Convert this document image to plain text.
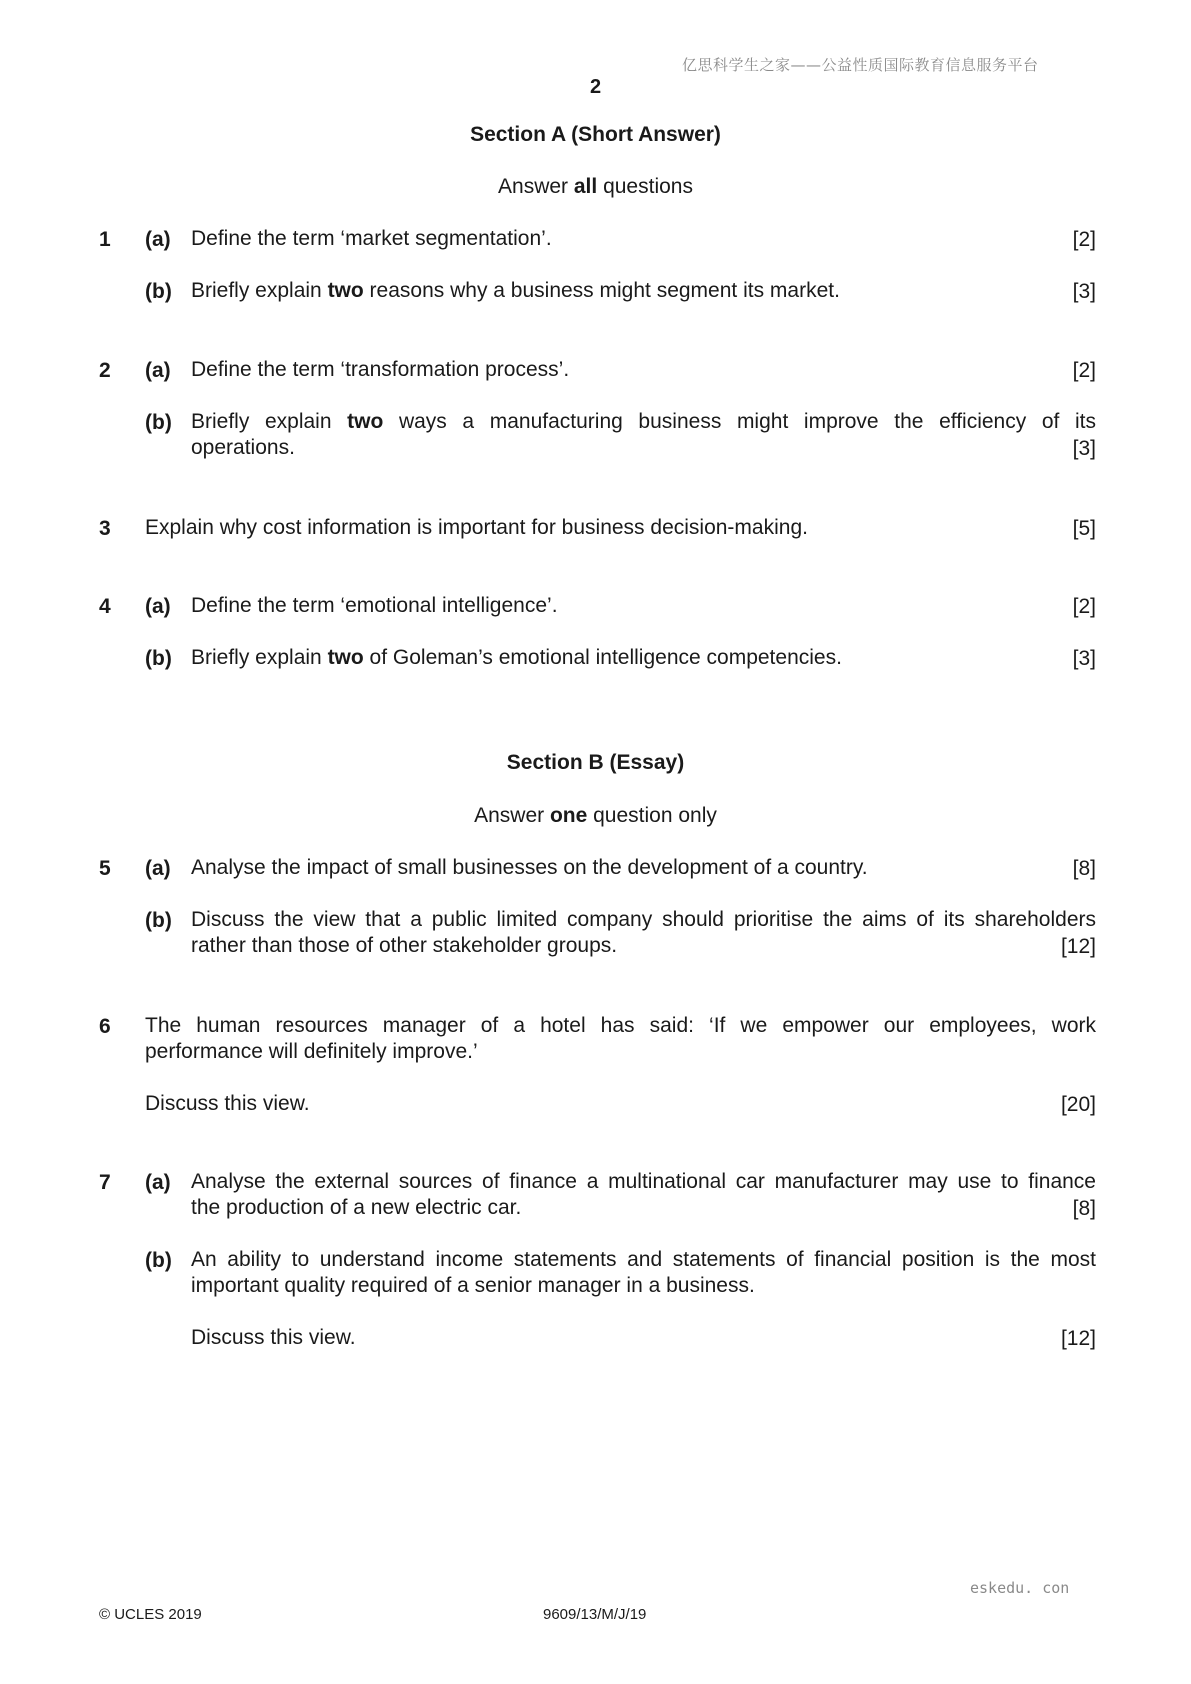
亿思科学生之家——公益性质国际教育信息服务平台
2
Section A (Short Answer)
Answer all questions
1 (a) Define the term ‘market segmentation’.	[2]
(b) Briefly explain two reasons why a business might segment its market.	[3]
2 (a) Define the term ‘transformation process’.	[2]
(b) Briefly explain two ways a manufacturing business might improve the efficiency of its
operations.	[3]
3 Explain why cost information is important for business decision-making.	[5]
4 (a) Define the term ‘emotional intelligence’.	[2]
(b) Briefly explain two of Goleman’s emotional intelligence competencies.	[3]
Section B (Essay)
Answer one question only
5 (a) Analyse the impact of small businesses on the development of a country.	[8]
(b) Discuss the view that a public limited company should prioritise the aims of its shareholders
rather than those of other stakeholder groups.	[12]
6 The human resources manager of a hotel has said: ‘If we empower our employees, work
performance will definitely improve.’
Discuss this view.	[20]
7 (a) Analyse the external sources of finance a multinational car manufacturer may use to finance
the production of a new electric car.	[8]
(b) An ability to understand income statements and statements of financial position is the most
important quality required of a senior manager in a business.
Discuss this view.	[12]
eskedu. con
© UCLES 2019	9609/13/M/J/19
